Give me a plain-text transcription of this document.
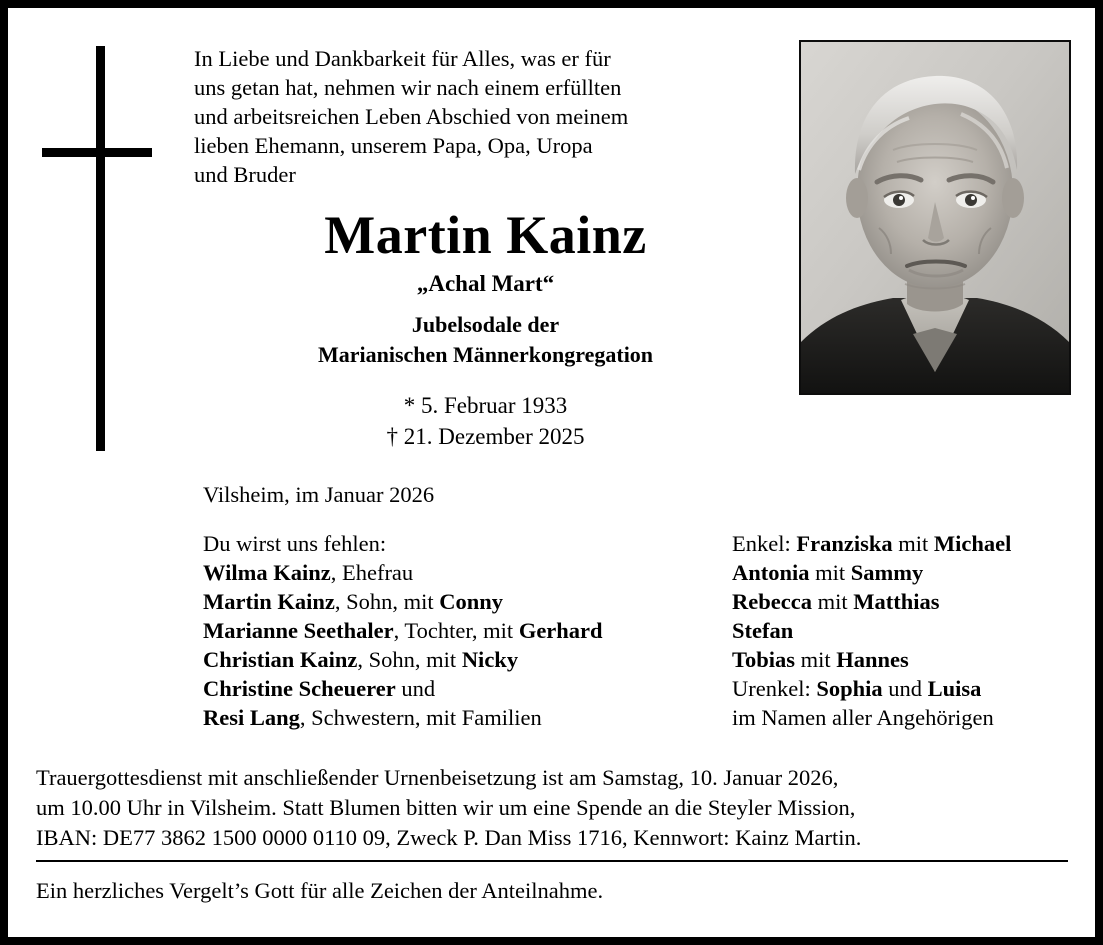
In Liebe und Dankbarkeit für Alles, was er für
uns getan hat, nehmen wir nach einem erfüllten
und arbeitsreichen Leben Abschied von meinem
lieben Ehemann, unserem Papa, Opa, Uropa
und Bruder
Martin Kainz
„Achal Mart“
Jubelsodale der
Marianischen Männerkongregation
* 5. Februar 1933
† 21. Dezember 2025
Vilsheim, im Januar 2026
Du wirst uns fehlen:
Wilma Kainz, Ehefrau
Martin Kainz, Sohn, mit Conny
Marianne Seethaler, Tochter, mit Gerhard
Christian Kainz, Sohn, mit Nicky
Christine Scheuerer und
Resi Lang, Schwestern, mit Familien
Enkel: Franziska mit Michael
Antonia mit Sammy
Rebecca mit Matthias
Stefan
Tobias mit Hannes
Urenkel: Sophia und Luisa
im Namen aller Angehörigen
Trauergottesdienst mit anschließender Urnenbeisetzung ist am Samstag, 10. Januar 2026,
um 10.00 Uhr in Vilsheim. Statt Blumen bitten wir um eine Spende an die Steyler Mission,
IBAN: DE77 3862 1500 0000 0110 09, Zweck P. Dan Miss 1716, Kennwort: Kainz Martin.
Ein herzliches Vergelt’s Gott für alle Zeichen der Anteilnahme.
